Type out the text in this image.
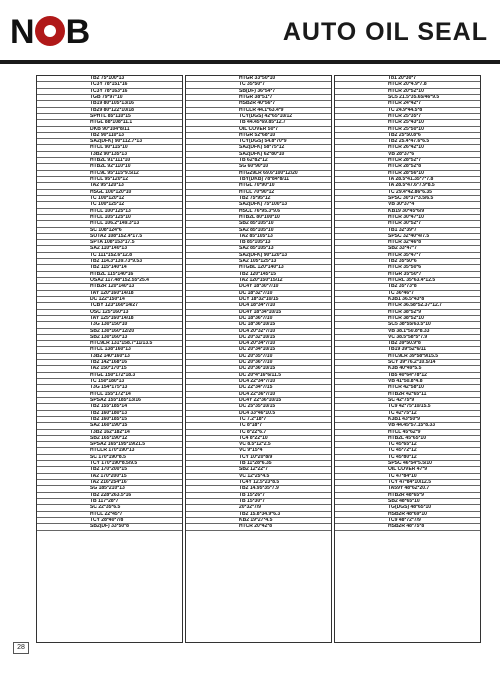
N B	AUTO OIL SEAL
TB2 75*100*13
TC3Y 78*151*16
TC3Y 78*163*16
TGB 79*97*10
TB19 80*105*13/16
TB29 80*122*10/18
SPHTL 85*110*15
HTGL 88*108*11.1
DKB 90*104*8/11
TB2 90*110*13
SA2(DFK) 90*112.7*13
HTCL 90*115*10
T3B2 90*135*13
HTB2L 91*111*10
HTB2L 92*110*10
HTC9L 95*115*9.5/12
HTCL 95*120*12
TA2 95*120*13
HSGL 100*120*10
TC 100*120*12
TC 100*125*12
HTCL 100*125*13
HTCL 105*125*10
HTCL 106.2*149.3*13
SC 108*124*6
SOTA2 108*152.4*17.5
SPTA 108*153*17.5
SA2 110*140*13
TC 111*152.6*12.8
TB2 114.3*139.73*9.53
TB2 115*140*14
HTB2L 115*140*16
OSA2 117.48*152.55*25.4
HTB2R 120*140*13
TAY 120*160*14/18
DC 122*150*14
TCBY 123*160*14/27
OSC 125*160*13
TAY 125*160*14/18
T3G 130*150*10
SB2 130*160*12/20
SB2 130*160*13
HTC9LR 131*158.7*11/13.5
HTCL 138*160*13
T3B2 140*160*13
TB2 142*168*16
TA2 150*170*15
HTGL 150*172*18.3
TC 150*180*13
T3G 154*175*13
HTCL 155*172*14
SPSA2 155*185*13/16
TB2 155*185*14
TB2 160*180*13
TB2 160*185*15
SA2 160*190*15
T3B2 162*182*14
SB2 165*190*12
SPSA2 165*195*19/21.5
HTCLR 170*190*13
SC 170*190*8.5
TCY 170*190*8.5/9.5
TB2 170*200*15
TA2 170*200*15
TA2 216*254*16'
SG 185*210*13
TB2 228*263.5*16
TB 117*28*7
SC 22*35*6.5
HTCL 22*45*7
TCY 28*40*7/8
SB2(DF) 33*50*8
HTGR 33*50*10
TC 35*50*7
SB(DF) 36*54*7
HTGR 38*51*7
HSB2R 40*56*7
HTCLR 44.1*63.4*9
TCY(DGS) 42*65*10/12
TB 44.45*69.85*12.7
OIL COVER 50*7
HTGR 52*68*10
TCY(DGS) 54.8*70*9
SA2(DFK) 58*75*12
SA2(DFK) 62*80*10
TB 62*82*12
SG 60*90*10
HTG29LR 69.6*100*12/20
TBY(DKB) 78*84*8/11
HTGL 70*90*10
HTCL 70*90*12
TB2 75*95*12
SA2(DFK) 75*100*13
HSCL 76*95.3*9.6
HTB2L 80*100*10
SB2 85*105*10
SA2 85*105*10
TA2 85*105*13
TB 85*105*13
SA2 85*105*13
SA2(DFK) 90*120*13
SA2 105*125*13
HTGBL 120*140*13
TB2 120*145*15
TA2 120*150*15/12
DC4Y 18*30*7/10
DC 18*32*7/10
DCY 18*32*10/15
DC4 18*34*7/10
DC4Y 18*34*10/15
DC 18*36*7/10
DC 18*36*10/15
DC4 20*32*7/10
DC 20*32*10/15
DC4 20*34*7/10
DC 20*34*10/15
DC 20*35*7/10
DC 20*36*7/10
DC 20*36*10/15
DC 20*4*16*6/11.5
DC4 22*34*7/10
DC 22*34*7/15
DC4 22*36*7/10
DC4Y 22*36*10/15
DC 25*35*10/15
DC4 33*46*10.5
TC 7.2*18*7
TC 8*18*7
TC 8*22*6.7
TC4 8*22*10
VC 8.5*12*2.5
VC 9*15*4
TCY 10*20*8/9
TB 11*28*6.35
SB2 12*22*7
VC 12*25*4.5
TC4Y 12.5*23*8.5
TB2 14.95*35*7.9
TB 15*26*7
TB 15*30*7
20*32*7/9
TB2 15.8*34.9*6.3
KB2 19*27*4.5
HTCR 20*42*8
Tb1 20*30*7
HTCR 20*4.9*7.8
HTCR 20*52*10
SC5 21.5*35.65/46*9.5
HTCR 24*42*7
TC 24.9*44.5*8
HTCR 25*35*7
HTCR 25*43*10
HTCR 25*50*10
TB2 25*50.8*6
TB2 25.4*47.6*6.5
HTCR 26*42*10
VB 28*37*6
HTCR 28*52*7
HTCR 28*52*8
HTCR 28*56*10
TA 28.5*41.35*7*7.8
TA 28.5*47.6*7.9*8.5
TC 29.4*42.86*6.35
SPSC 30*37*3.5/6.5
VB 30*37*4
KB19 30*45*6/9
HTCR 30*47*10
HTCR 30*52*7
TB1 32*39*7
SPSC 32*40*4/7.5
HTCR 32*46*8
SB2 33*47*7
HTCR 35*47*7
TB2 35*50*6
HTCR 35*50*6
HTGR 35*50*7
HTCRL 35*63.4*12.5
TB2 35*73*8
TC 36*46*7
K3B1 36.5*43*8
HTCR 36.58*52.37*12.7
HTCR 38*52*9
HTCR 38*52*10
SC5 38*55/63.5*10
VB 38.1*50.8*8.33
VC 38.5*58*5*7.9
TB2 39*50.9*8
TB19 39*52*6/11
HTC9LR 39*58*9/15.5
SCY 39*76.2*10.5/14
K3B 40*49*5.5
TB5 40*64*78*12
VB 41*50.8*4.8
HTCR 42*58*10
HTB2R 42*65*11
SC 42*75*9
TC9 42*75*10/15.5
TC 42*75*12
K3B1 43*50*9
VB 44.45*57.15*8.33
HTCL 45*62*9
HTB2L 45*65*10
TC 45*65*12
TC 45*72*12
TC 45*80*12
SPSC 46*54*5.5/10
OIL COVER 47*9
TC 47*84*10
TCY 47*84*10/12.5
TA59Y 48*62*20.7
HTB2R 48*65*9
SB2 48*65*10
TG(DGS) 48*65*10
HSB2R 48*69*10
TC9 48*72*7/9
HSB2R 48*75*8
28
